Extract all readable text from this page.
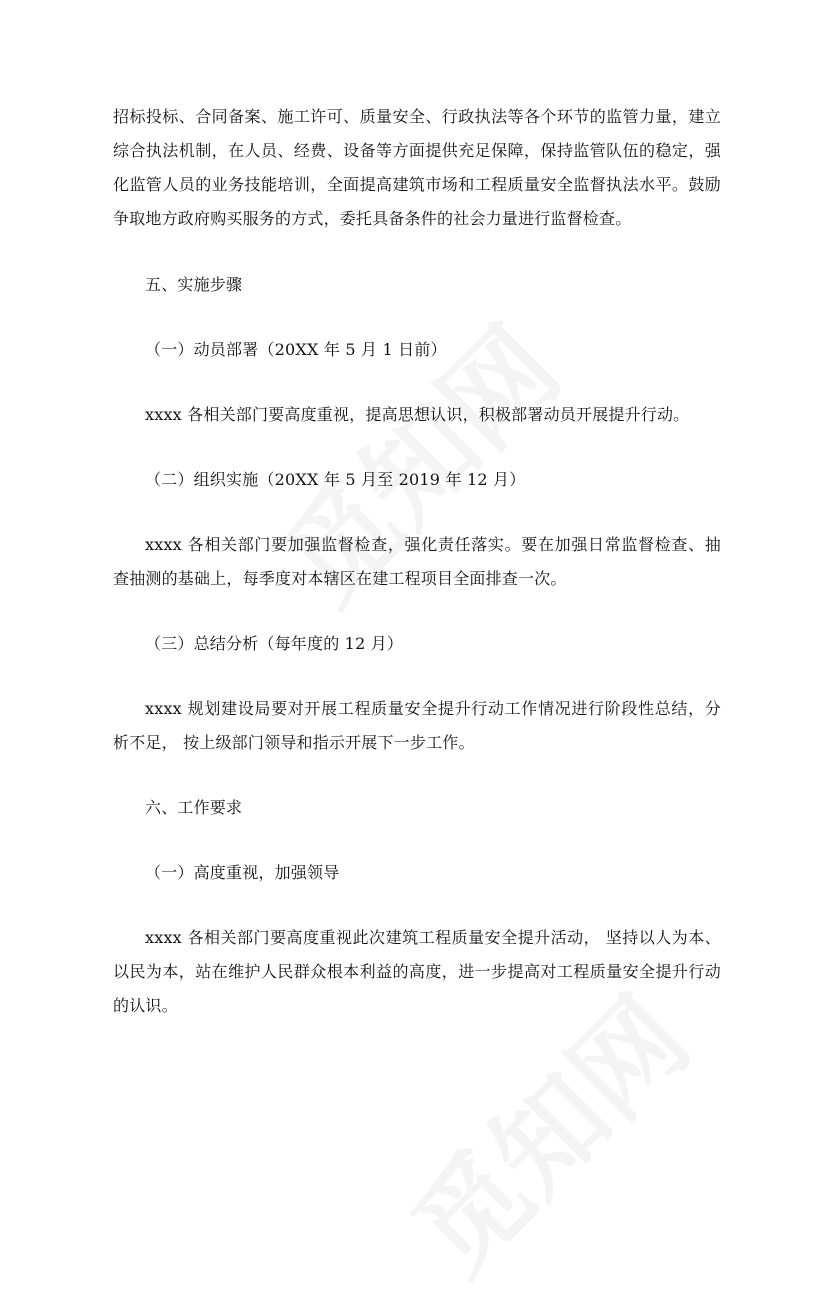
招标投标、合同备案、施工许可、质量安全、行政执法等各个环节的监管力量，建立综合执法机制，在人员、经费、设备等方面提供充足保障，保持监管队伍的稳定，强化监管人员的业务技能培训，全面提高建筑市场和工程质量安全监督执法水平。鼓励争取地方政府购买服务的方式，委托具备条件的社会力量进行监督检查。

五、实施步骤

（一）动员部署（20XX 年 5 月 1 日前）

xxxx 各相关部门要高度重视，提高思想认识，积极部署动员开展提升行动。

（二）组织实施（20XX 年 5 月至 2019 年 12 月）

xxxx 各相关部门要加强监督检查，强化责任落实。要在加强日常监督检查、抽查抽测的基础上，每季度对本辖区在建工程项目全面排查一次。

（三）总结分析（每年度的 12 月）

xxxx 规划建设局要对开展工程质量安全提升行动工作情况进行阶段性总结，分析不足， 按上级部门领导和指示开展下一步工作。

六、工作要求

（一）高度重视，加强领导

xxxx 各相关部门要高度重视此次建筑工程质量安全提升活动， 坚持以人为本、以民为本，站在维护人民群众根本利益的高度，进一步提高对工程质量安全提升行动的认识。
